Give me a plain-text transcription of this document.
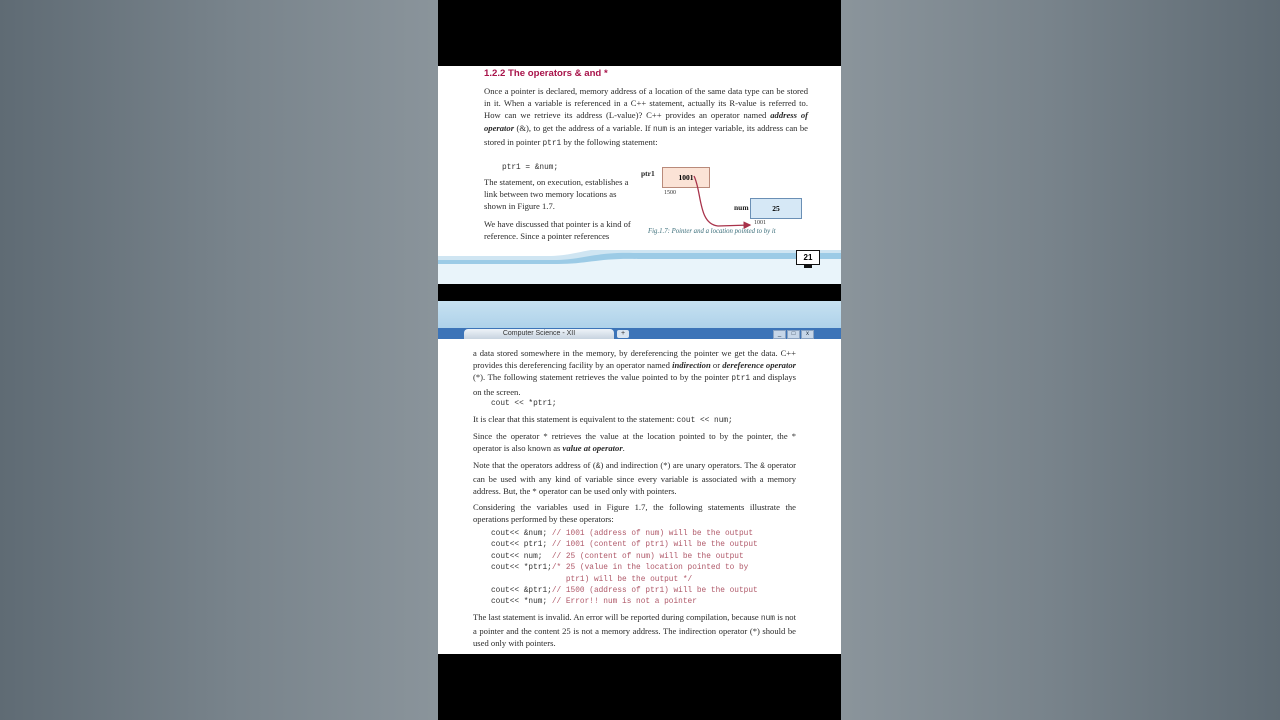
1.2.2 The operators & and *
Once a pointer is declared, memory address of a location of the same data type can be stored in it. When a variable is referenced in a C++ statement, actually its R-value is referred to. How can we retrieve its address (L-value)? C++ provides an operator named address of operator (&), to get the address of a variable. If num is an integer variable, its address can be stored in pointer ptr1 by the following statement:
ptr1 = &num;
The statement, on execution, establishes a link between two memory locations as shown in Figure 1.7.
We have discussed that pointer is a kind of reference. Since a pointer references
ptr1	1001
1500
num	25
1001
Fig.1.7: Pointer and a location pointed to by it
21
Computer Science - XII	+	_	□	x
a data stored somewhere in the memory, by dereferencing the pointer we get the data. C++ provides this dereferencing facility by an operator named indirection or dereference operator (*). The following statement retrieves the value pointed to by the pointer ptr1 and displays on the screen.
cout << *ptr1;
It is clear that this statement is equivalent to the statement: cout << num;
Since the operator * retrieves the value at the location pointed to by the pointer, the * operator is also known as value at operator.
Note that the operators address of (&) and indirection (*) are unary operators. The & operator can be used with any kind of variable since every variable is associated with a memory address. But, the * operator can be used only with pointers.
Considering the variables used in Figure 1.7, the following statements illustrate the operations performed by these operators:
cout<< &num; // 1001 (address of num) will be the output
cout<< ptr1; // 1001 (content of ptr1) will be the output
cout<< num;  // 25 (content of num) will be the output
cout<< *ptr1;/* 25 (value in the location pointed to by
ptr1) will be the output */
cout<< &ptr1;// 1500 (address of ptr1) will be the output
cout<< *num; // Error!! num is not a pointer
The last statement is invalid. An error will be reported during compilation, because num is not a pointer and the content 25 is not a memory address. The indirection operator (*) should be used only with pointers.
